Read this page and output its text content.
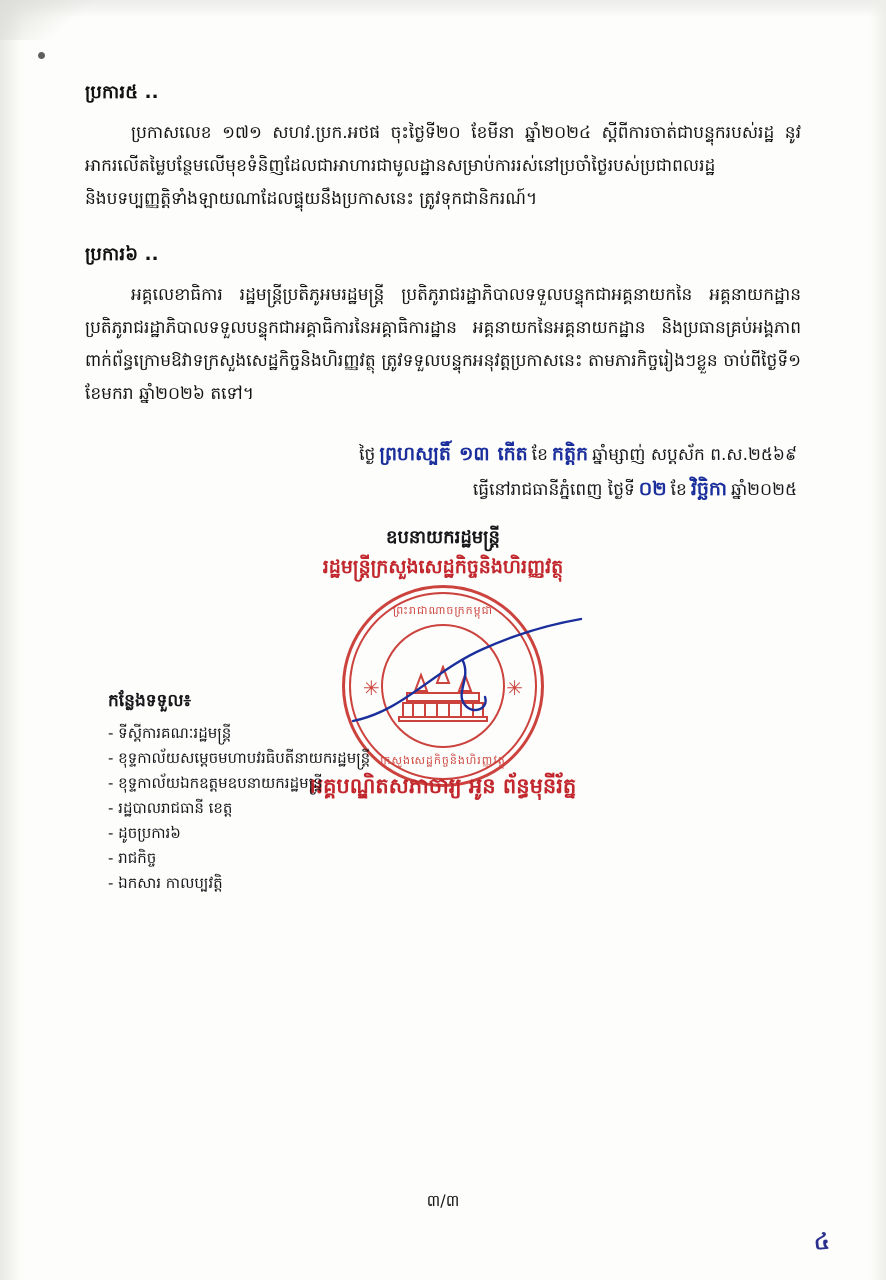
ប្រការ៥ ..

ប្រកាសលេខ ១៧១ សហវ.ប្រក.អថផ ចុះថ្ងៃទី២០ ខែមីនា ឆ្នាំ២០២៤ ស្ដីពីការចាត់ជាបន្ទុករបស់រដ្ឋ នូវអាករលើតម្លៃបន្ថែមលើមុខទំនិញដែលជាអាហារជាមូលដ្ឋានសម្រាប់ការរស់នៅប្រចាំថ្ងៃរបស់ប្រជាពលរដ្ឋ និងបទប្បញ្ញត្តិទាំងឡាយណាដែលផ្ទុយនឹងប្រកាសនេះ ត្រូវទុកជានិករណ៍។

ប្រការ៦ ..

អគ្គលេខាធិការ រដ្ឋមន្ត្រីប្រតិភូអមរដ្ឋមន្ត្រី ប្រតិភូរាជរដ្ឋាភិបាលទទួលបន្ទុកជាអគ្គនាយកនៃ អគ្គនាយកដ្ឋាន ប្រតិភូរាជរដ្ឋាភិបាលទទួលបន្ទុកជាអគ្គាធិការនៃអគ្គាធិការដ្ឋាន អគ្គនាយកនៃអគ្គនាយកដ្ឋាន និងប្រធានគ្រប់អង្គភាពពាក់ព័ន្ធក្រោមឱវាទក្រសួងសេដ្ឋកិច្ចនិងហិរញ្ញវត្ថុ ត្រូវទទួលបន្ទុកអនុវត្តប្រកាសនេះ តាមភារកិច្ចរៀងៗខ្លួន ចាប់ពីថ្ងៃទី១ ខែមករា ឆ្នាំ២០២៦ តទៅ។

ថ្ងៃ ព្រហស្បតិ៍ ១៣ កើត ខែ កត្តិក ឆ្នាំម្សាញ់ សប្ដស័ក ព.ស.២៥៦៩
ធ្វើនៅរាជធានីភ្នំពេញ ថ្ងៃទី ០២ ខែ វិច្ឆិកា ឆ្នាំ២០២៥
ឧបនាយករដ្ឋមន្ត្រី
រដ្ឋមន្ត្រីក្រសួងសេដ្ឋកិច្ចនិងហិរញ្ញវត្ថុ
ព្រះរាជាណាចក្រកម្ពុជា
✳	✳
ក្រសួងសេដ្ឋកិច្ចនិងហិរញ្ញវត្ថុ
អគ្គបណ្ឌិតសភាចារ្យ អូន ព័ន្ធមុនីរ័ត្ន
កន្លែងទទួល៖
- ទីស្ដីការគណៈរដ្ឋមន្ត្រី
- ខុទ្ទកាល័យសម្ដេចមហាបវរធិបតីនាយករដ្ឋមន្ត្រី
- ខុទ្ទកាល័យឯកឧត្ដមឧបនាយករដ្ឋមន្ត្រី
- រដ្ឋបាលរាជធានី ខេត្ត
- ដូចប្រការ៦
- រាជកិច្ច
- ឯកសារ កាលប្បវត្តិ
៣/៣
៤
